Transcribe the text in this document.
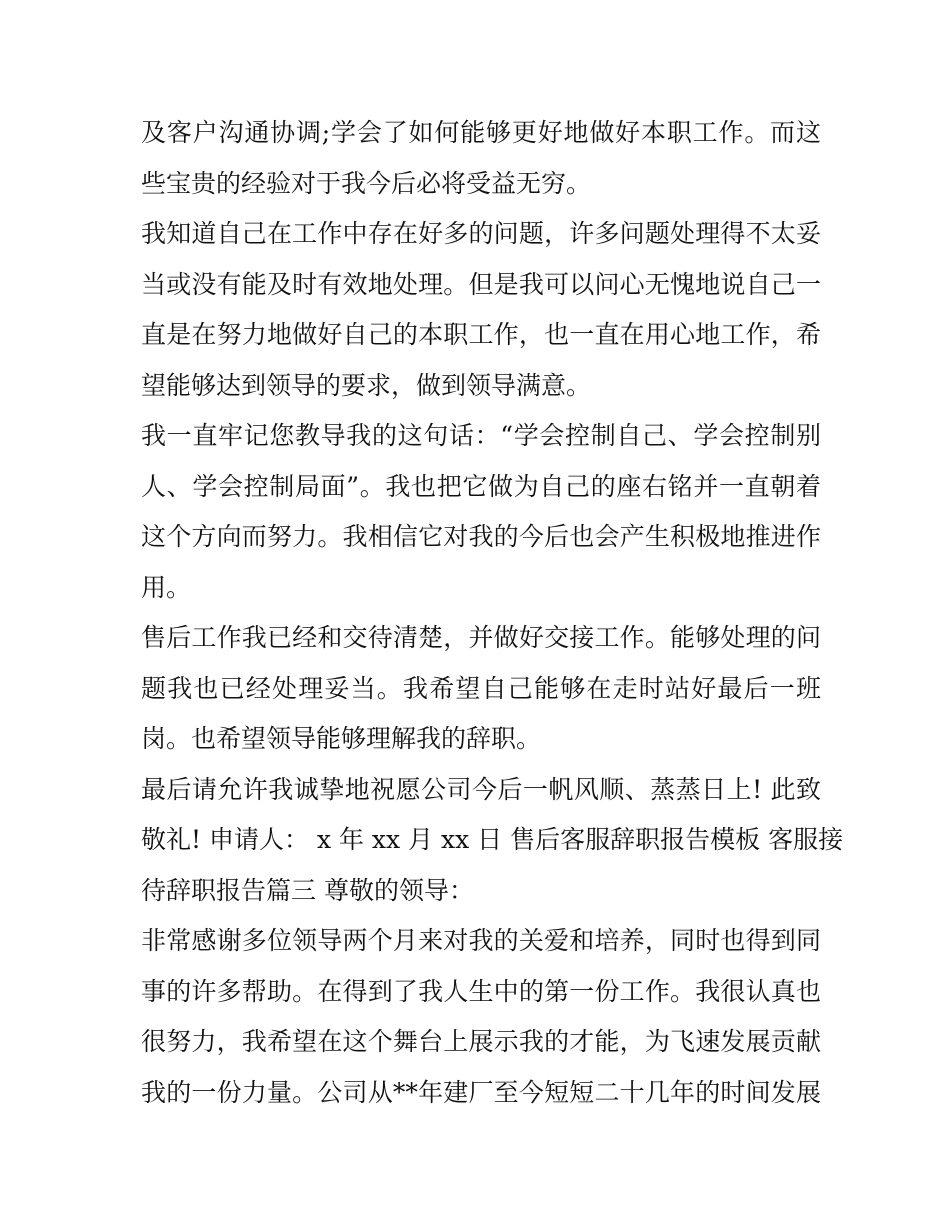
及客户沟通协调;学会了如何能够更好地做好本职工作。而这
些宝贵的经验对于我今后必将受益无穷。
我知道自己在工作中存在好多的问题，许多问题处理得不太妥
当或没有能及时有效地处理。但是我可以问心无愧地说自己一
直是在努力地做好自己的本职工作，也一直在用心地工作，希
望能够达到领导的要求，做到领导满意。
我一直牢记您教导我的这句话：“学会控制自己、学会控制别
人、学会控制局面”。我也把它做为自己的座右铭并一直朝着
这个方向而努力。我相信它对我的今后也会产生积极地推进作
用。
售后工作我已经和交待清楚，并做好交接工作。能够处理的问
题我也已经处理妥当。我希望自己能够在走时站好最后一班
岗。也希望领导能够理解我的辞职。
最后请允许我诚挚地祝愿公司今后一帆风顺、蒸蒸日上! 此致
敬礼! 申请人： x 年 xx 月 xx 日 售后客服辞职报告模板 客服接
待辞职报告篇三 尊敬的领导：
非常感谢多位领导两个月来对我的关爱和培养，同时也得到同
事的许多帮助。在得到了我人生中的第一份工作。我很认真也
很努力，我希望在这个舞台上展示我的才能，为飞速发展贡献
我的一份力量。公司从**年建厂至今短短二十几年的时间发展
